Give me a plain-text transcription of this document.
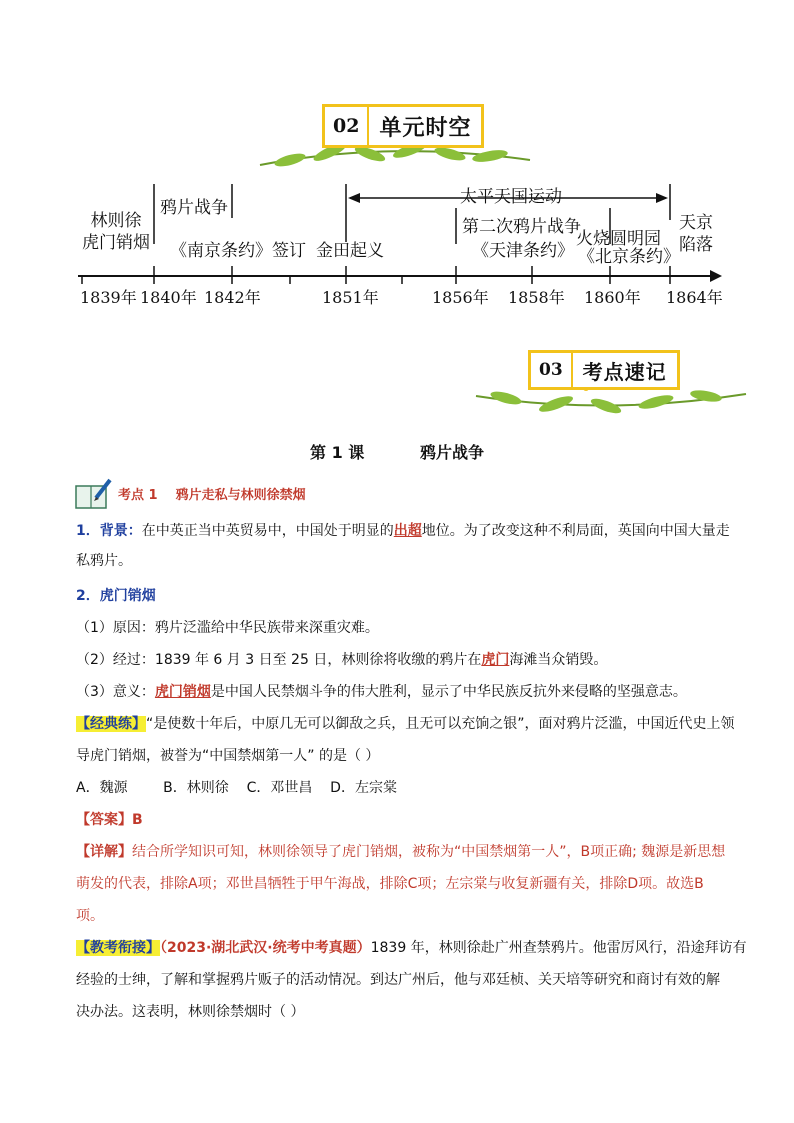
02 单元时空
林则徐
虎门销烟
鸦片战争
《南京条约》签订 金田起义
太平天国运动
第二次鸦片战争
《天津条约》
火烧圆明园
《北京条约》
天京
陷落
1839年 1840年 1842年	1851年	1856年 1858年 1860年 1864年
03	考点速记
第 1 课          鸦片战争
考点 1    鸦片走私与林则徐禁烟
1．背景：在中英正当中英贸易中，中国处于明显的出超地位。为了改变这种不利局面，英国向中国大量走
私鸦片。
2．虎门销烟
（1）原因：鸦片泛滥给中华民族带来深重灾难。
（2）经过：1839 年 6 月 3 日至 25 日，林则徐将收缴的鸦片在虎门海滩当众销毁。
（3）意义：虎门销烟是中国人民禁烟斗争的伟大胜利，显示了中华民族反抗外来侵略的坚强意志。
【经典练】“是使数十年后，中原几无可以御敌之兵，且无可以充饷之银”，面对鸦片泛滥，中国近代史上领
导虎门销烟，被誉为“中国禁烟第一人” 的是（ ）
A．魏源        B．林则徐    C．邓世昌    D．左宗棠
【答案】B
【详解】结合所学知识可知，林则徐领导了虎门销烟，被称为“中国禁烟第一人”，B项正确; 魏源是新思想
萌发的代表，排除A项；邓世昌牺牲于甲午海战，排除C项；左宗棠与收复新疆有关，排除D项。故选B
项。
【教考衔接】（2023·湖北武汉·统考中考真题）1839 年，林则徐赴广州查禁鸦片。他雷厉风行，沿途拜访有
经验的士绅，了解和掌握鸦片贩子的活动情况。到达广州后，他与邓廷桢、关天培等研究和商讨有效的解
决办法。这表明，林则徐禁烟时（ ）
